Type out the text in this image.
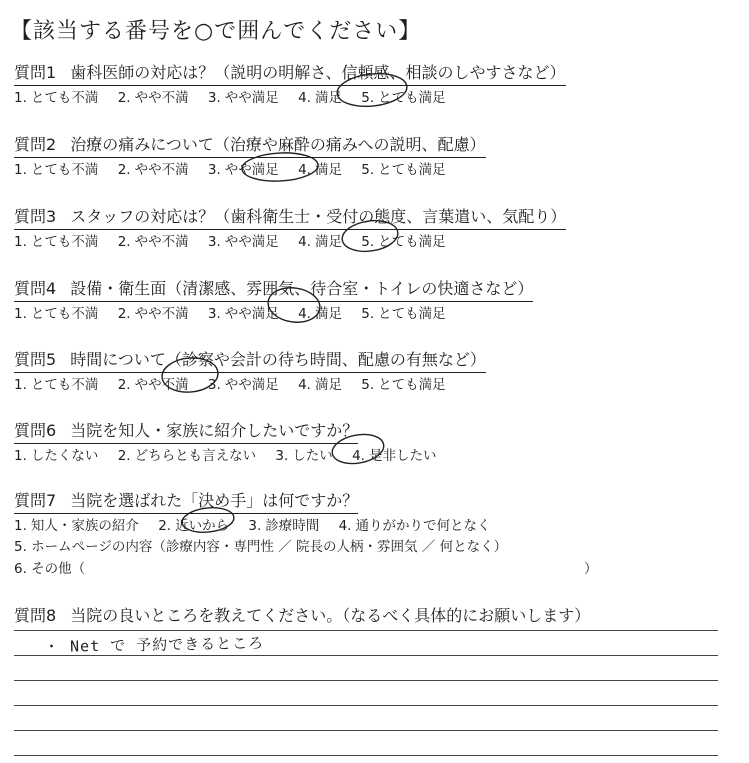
【該当する番号を○で囲んでください】
質問1 歯科医師の対応は？（説明の明解さ、信頼感、相談のしやすさなど）
1. とても不満 2. やや不満 3. やや満足 4. 満足 5. とても満足
質問2 治療の痛みについて（治療や麻酔の痛みへの説明、配慮）
1. とても不満 2. やや不満 3. やや満足 4. 満足 5. とても満足
質問3 スタッフの対応は？（歯科衛生士・受付の態度、言葉遣い、気配り）
1. とても不満 2. やや不満 3. やや満足 4. 満足 5. とても満足
質問4 設備・衛生面（清潔感、雰囲気、待合室・トイレの快適さなど）
1. とても不満 2. やや不満 3. やや満足 4. 満足 5. とても満足
質問5 時間について（診察や会計の待ち時間、配慮の有無など）
1. とても不満 2. やや不満 3. やや満足 4. 満足 5. とても満足
質問6 当院を知人・家族に紹介したいですか？
1. したくない 2. どちらとも言えない 3. したい 4. 是非したい
質問7 当院を選ばれた「決め手」は何ですか？
1. 知人・家族の紹介 2. 近いから 3. 診療時間 4. 通りがかりで何となく
5. ホームページの内容（診療内容・専門性 ／ 院長の人柄・雰囲気 ／ 何となく）
6. その他（	）
質問8 当院の良いところを教えてください。（なるべく具体的にお願いします）
・ Net で 予約できるところ
